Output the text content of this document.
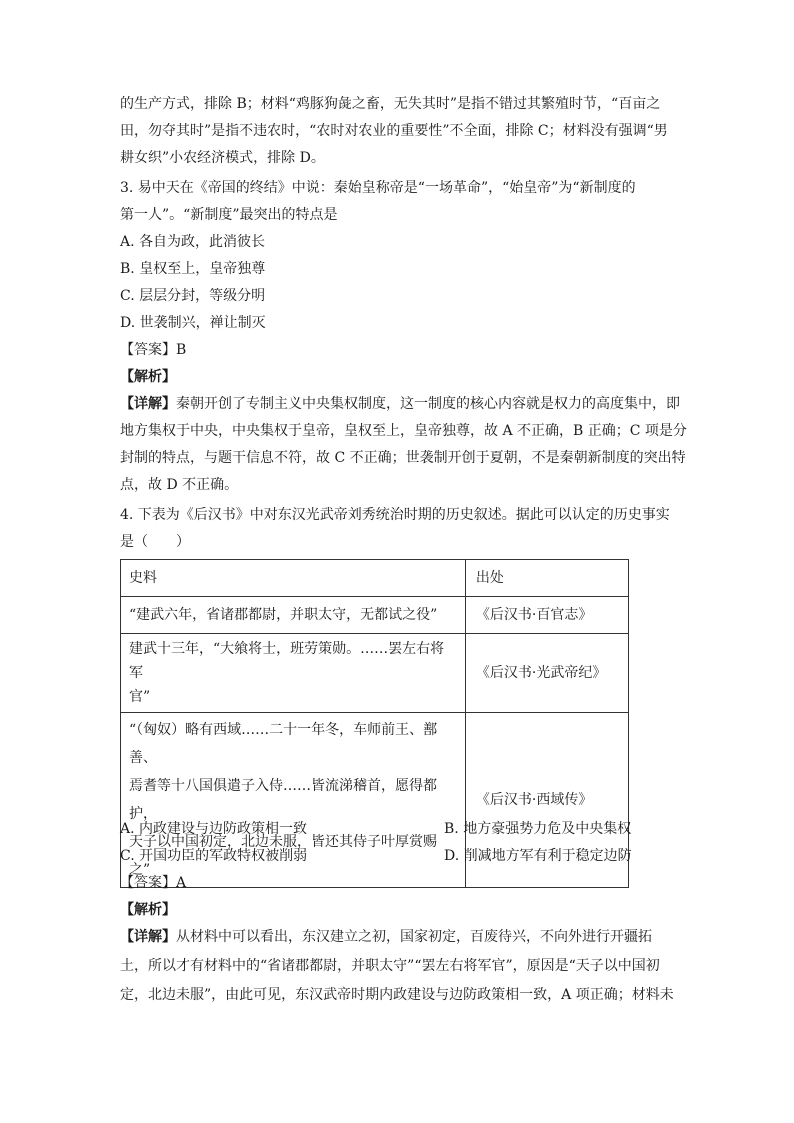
的生产方式，排除 B；材料“鸡豚狗彘之畜，无失其时”是指不错过其繁殖时节，“百亩之
田，勿夺其时”是指不违农时，“农时对农业的重要性”不全面，排除 C；材料没有强调“男
耕女织”小农经济模式，排除 D。
3. 易中天在《帝国的终结》中说：秦始皇称帝是“一场革命”，“始皇帝”为“新制度的
第一人”。“新制度”最突出的特点是
A. 各自为政，此消彼长
B. 皇权至上，皇帝独尊
C. 层层分封，等级分明
D. 世袭制兴，禅让制灭
【答案】B
【解析】
【详解】秦朝开创了专制主义中央集权制度，这一制度的核心内容就是权力的高度集中，即
地方集权于中央，中央集权于皇帝，皇权至上，皇帝独尊，故 A 不正确，B 正确；C 项是分
封制的特点，与题干信息不符，故 C 不正确；世袭制开创于夏朝，不是秦朝新制度的突出特
点，故 D 不正确。
4. 下表为《后汉书》中对东汉光武帝刘秀统治时期的历史叙述。据此可以认定的历史事实
是（　　）
史料	出处

“建武六年，省诸郡都尉，并职太守，无都试之役”	《后汉书·百官志》

建武十三年，“大飨将士，班劳策勋。……罢左右将军
官”	《后汉书·光武帝纪》

“（匈奴）略有西域……二十一年冬，车师前王、鄯善、
焉耆等十八国俱遣子入侍……皆流涕稽首，愿得都护，
天子以中国初定，北边未服，皆还其侍子叶厚赏赐之”	《后汉书·西域传》
A. 内政建设与边防政策相一致	B. 地方豪强势力危及中央集权
C. 开国功臣的军政特权被削弱	D. 削减地方军有利于稳定边防
【答案】A
【解析】
【详解】从材料中可以看出，东汉建立之初，国家初定，百废待兴，不向外进行开疆拓
土，所以才有材料中的“省诸郡都尉，并职太守”“罢左右将军官”，原因是“天子以中国初
定，北边未服”，由此可见，东汉武帝时期内政建设与边防政策相一致，A 项正确；材料未
